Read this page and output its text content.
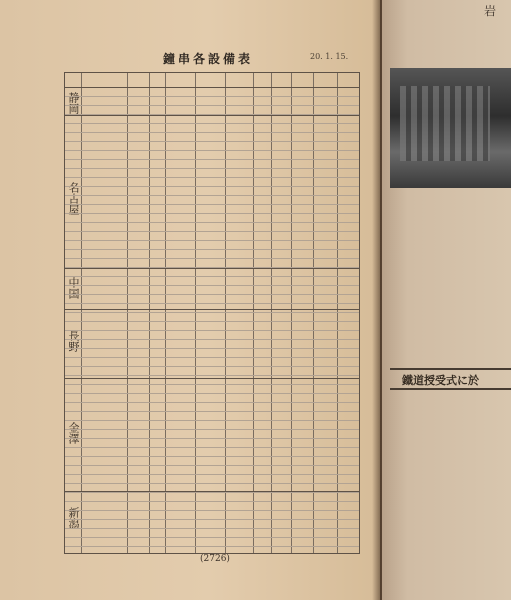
鐘串各設備表	20. 1. 15.
静岡
名古屋
中国
長野
金澤
新潟
(2726)
鐵道授受式に於
岩
